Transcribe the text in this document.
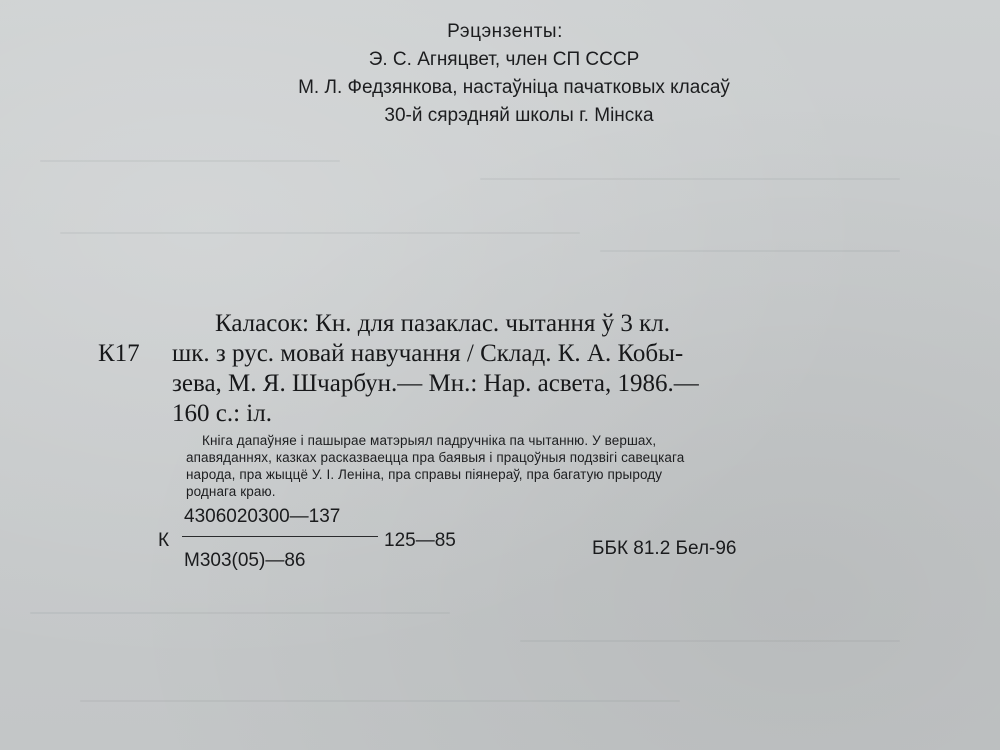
Рэцэнзенты:
Э. С. Агняцвет, член СП СССР
М. Л. Федзянкова, настаўніца пачатковых класаў
30-й сярэдняй школы г. Мінска
Каласок: Кн. для пазаклас. чытання ў 3 кл.
К17 шк. з рус. мовай навучання / Склад. К. А. Кобы-
зева, М. Я. Шчарбун.— Мн.: Нар. асвета, 1986.—
160 с.: іл.
Кніга дапаўняе і пашырае матэрыял падручніка па чытанню. У вершах,
апавяданнях, казках расказваецца пра баявыя і працоўныя подзвігі савецкага
народа, пра жыццё У. І. Леніна, пра справы піянераў, пра багатую прыроду
роднага краю.
К
4306020300—137
М303(05)—86
125—85	ББК 81.2 Бел-96
